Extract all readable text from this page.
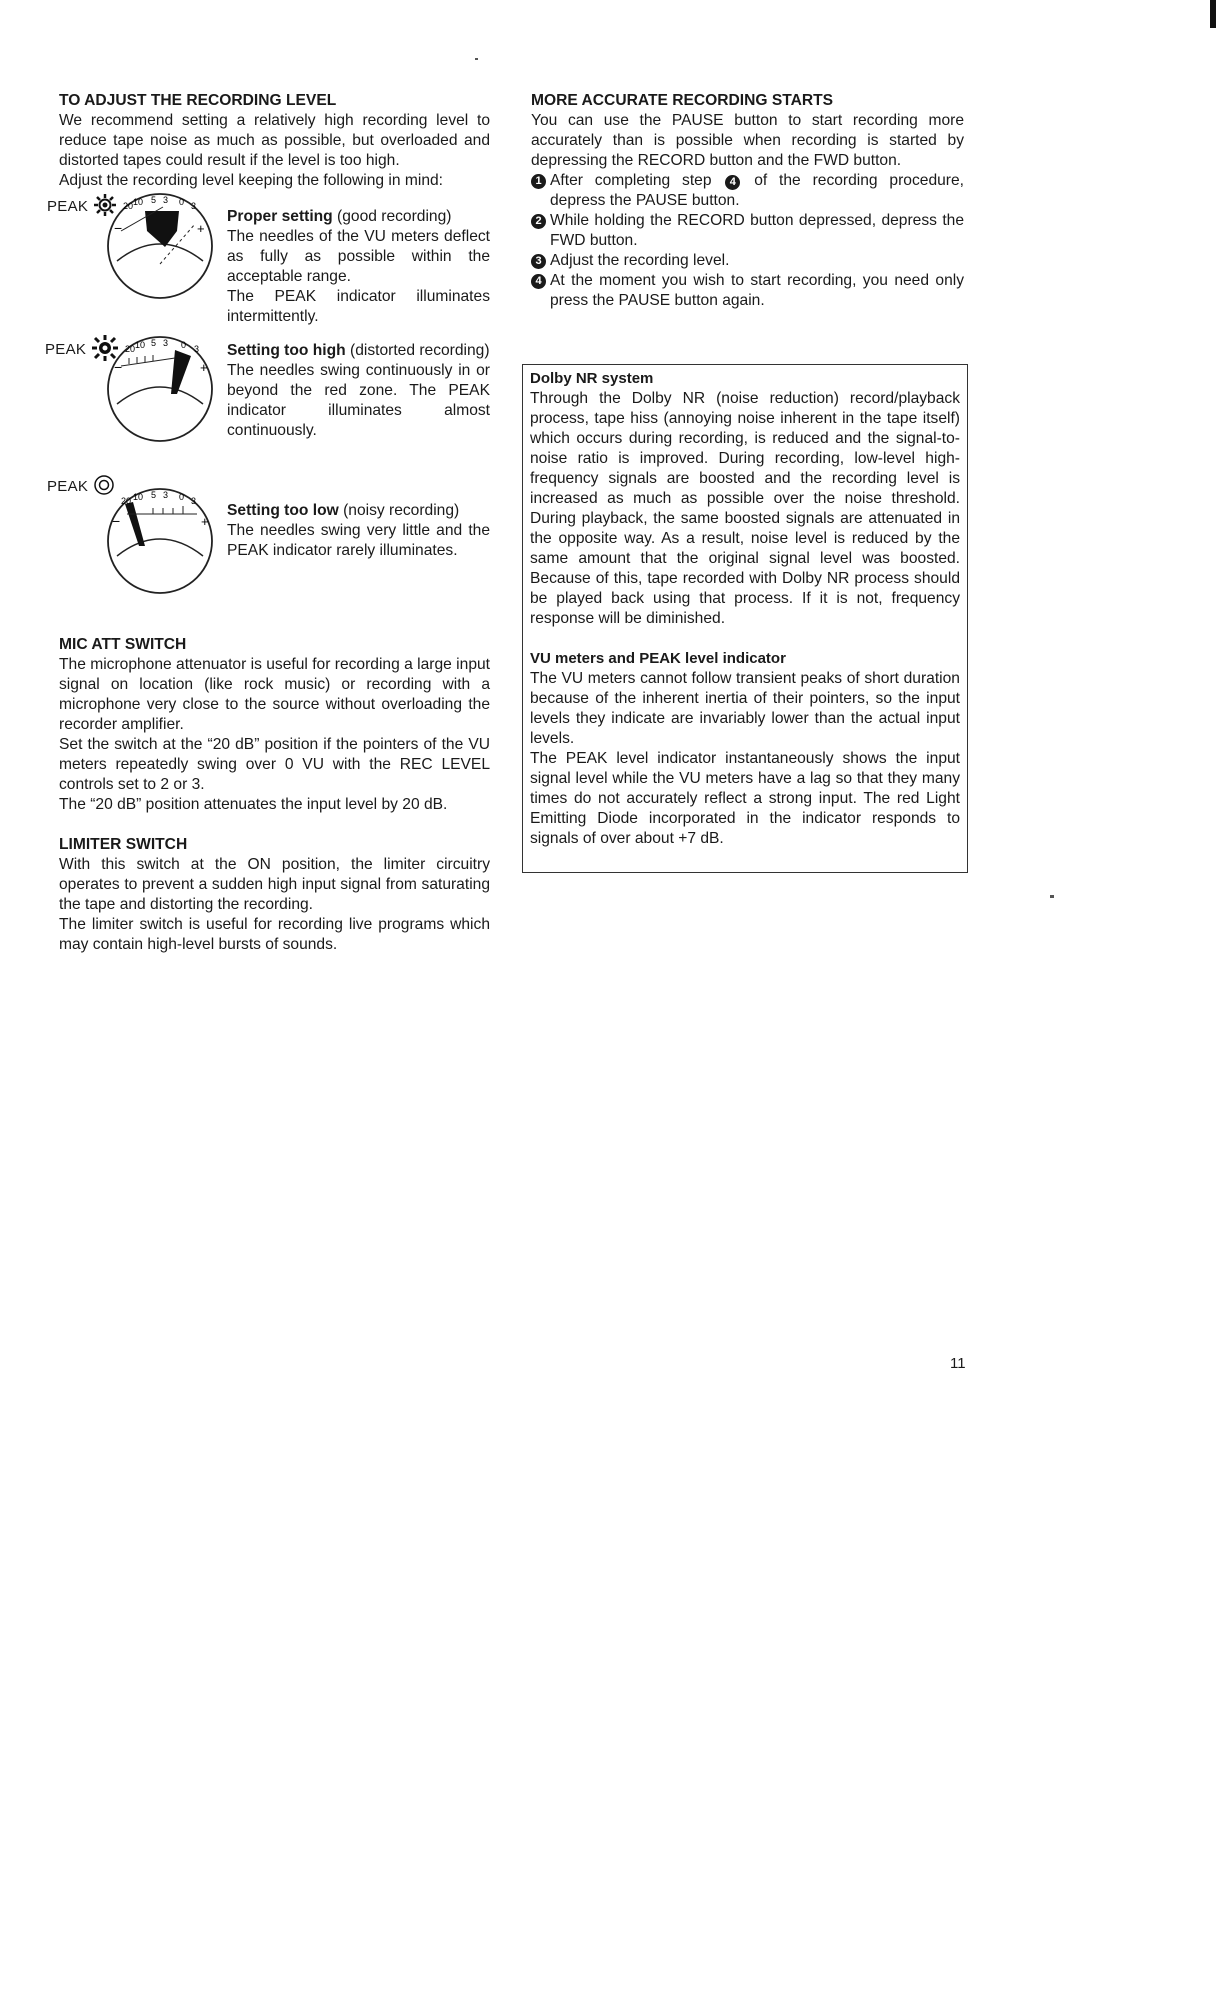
TO ADJUST THE RECORDING LEVEL

We recommend setting a relatively high recording level to reduce tape noise as much as possible, but overloaded and distorted tapes could result if the level is too high.

Adjust the recording level keeping the following in mind:

PEAK	20 10 5 3 0 3
−	+

Proper setting (good recording)

The needles of the VU meters deflect as fully as possible within the acceptable range.

The PEAK indicator illuminates intermittently.

PEAK	20 10 5 3 0 3
−	+

Setting too high (distorted recording)

The needles swing continuously in or beyond the red zone. The PEAK indicator illuminates almost continuously.

PEAK
20 10 5 3 0 3
−	+

Setting too low (noisy recording)

The needles swing very little and the PEAK indicator rarely illuminates.

MIC ATT SWITCH

The microphone attenuator is useful for recording a large input signal on location (like rock music) or recording with a microphone very close to the source without overloading the recorder amplifier.

Set the switch at the “20 dB” position if the pointers of the VU meters repeatedly swing over 0 VU with the REC LEVEL controls set to 2 or 3.

The “20 dB” position attenuates the input level by 20 dB.

LIMITER SWITCH

With this switch at the ON position, the limiter circuitry operates to prevent a sudden high input signal from saturating the tape and distorting the recording.

The limiter switch is useful for recording live programs which may contain high-level bursts of sounds.

MORE ACCURATE RECORDING STARTS

You can use the PAUSE button to start recording more accurately than is possible when recording is started by depressing the RECORD button and the FWD button.

1 After completing step 4 of the recording procedure, depress the PAUSE button.

2 While holding the RECORD button depressed, depress the FWD button.

3 Adjust the recording level.

4 At the moment you wish to start recording, you need only press the PAUSE button again.

Dolby NR system

Through the Dolby NR (noise reduction) record/playback process, tape hiss (annoying noise inherent in the tape itself) which occurs during recording, is reduced and the signal-to-noise ratio is improved. During recording, low-level high-frequency signals are boosted and the recording level is increased as much as possible over the noise threshold. During playback, the same boosted signals are attenuated in the opposite way. As a result, noise level is reduced by the same amount that the original signal level was boosted. Because of this, tape recorded with Dolby NR process should be played back using that process. If it is not, frequency response will be diminished.

VU meters and PEAK level indicator

The VU meters cannot follow transient peaks of short duration because of the inherent inertia of their pointers, so the input levels they indicate are invariably lower than the actual input levels.

The PEAK level indicator instantaneously shows the input signal level while the VU meters have a lag so that they many times do not accurately reflect a strong input. The red Light Emitting Diode incorporated in the indicator responds to signals of over about +7 dB.

11
